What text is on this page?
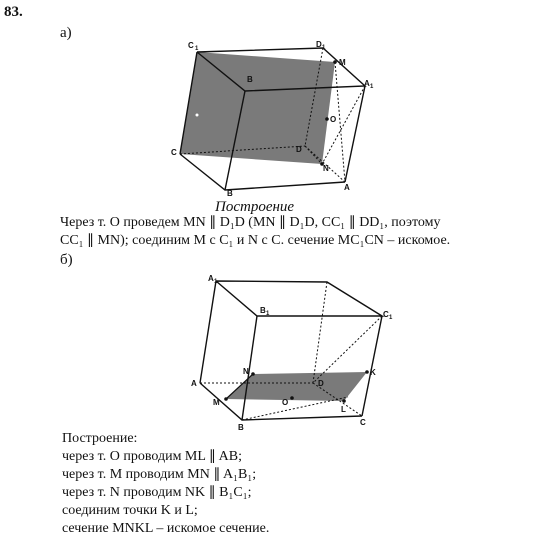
83.
а)
C 1	D 1
M
A 1
B
C
O
N
A
B
D
Построение
Через т. O проведем MN ∥ D₁D (MN ∥ D₁D, CC₁ ∥ DD₁, поэтому
CC₁ ∥ MN); соединим M с C₁ и N с C. сечение MC₁CN – искомое.
б)
A 1
B 1	C 1
A
N
D
K
M	O
L
B
C
Построение:
через т. O проводим ML ∥ AB;
через т. M проводим MN ∥ A₁B₁;
через т. N проводим NK ∥ B₁C₁;
соединим точки K и L;
сечение MNKL – искомое сечение.
